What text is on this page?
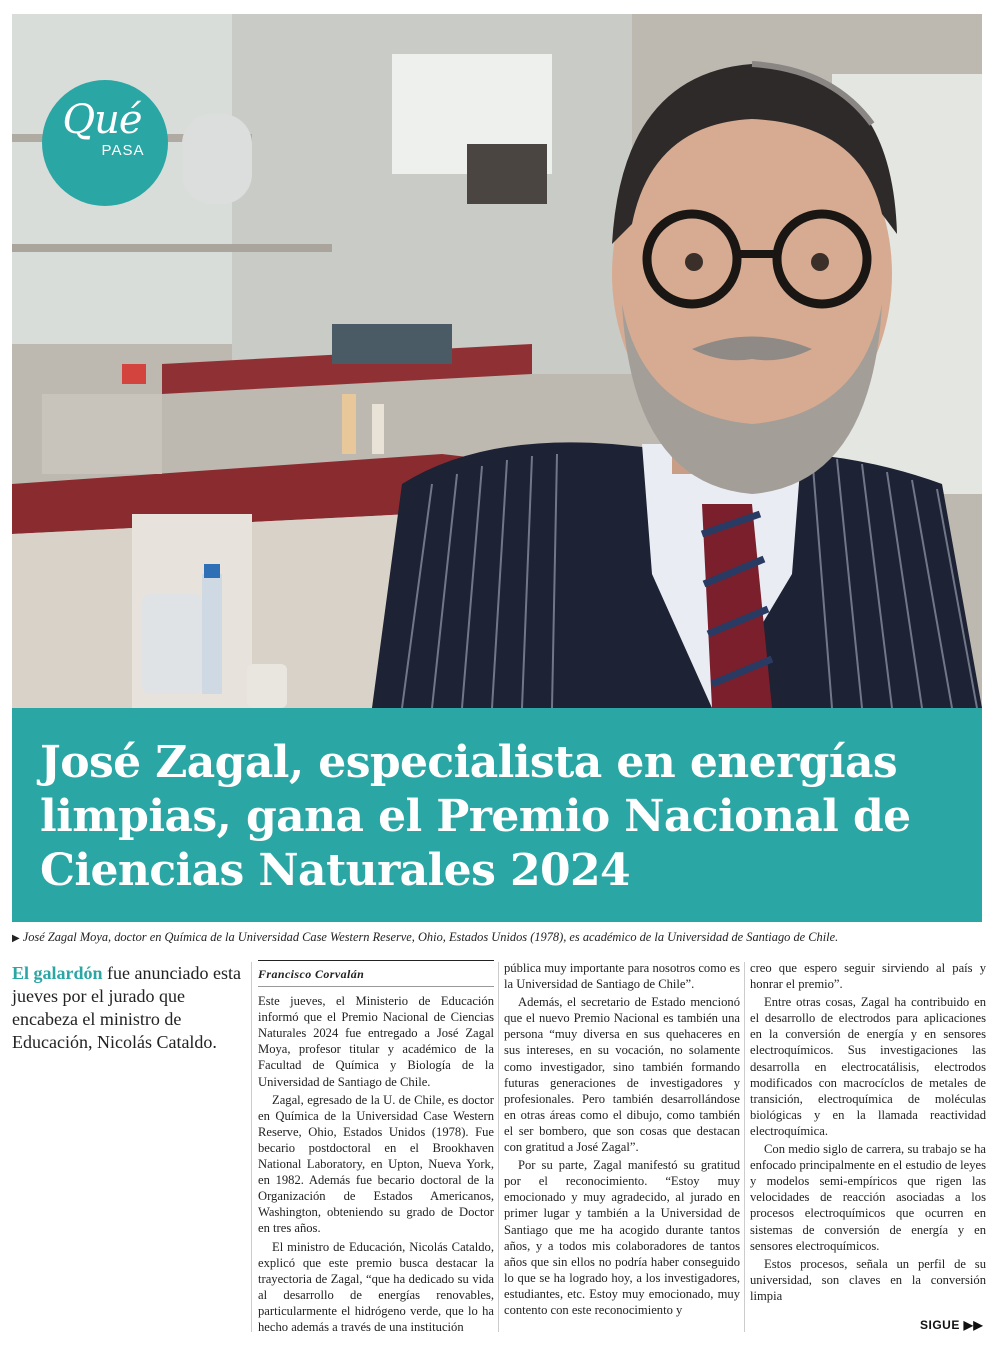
Qué
PASA
José Zagal, especialista en energías limpias, gana el Premio Nacional de Ciencias Naturales 2024
▶ José Zagal Moya, doctor en Química de la Universidad Case Western Reserve, Ohio, Estados Unidos (1978), es académico de la Universidad de Santiago de Chile.
El galardón fue anunciado esta jueves por el jurado que encabeza el ministro de Educación, Nicolás Cataldo.
Francisco Corvalán

Este jueves, el Ministerio de Educación informó que el Premio Nacional de Ciencias Naturales 2024 fue entregado a José Zagal Moya, profesor titular y académico de la Facultad de Química y Biología de la Universidad de Santiago de Chile.

Zagal, egresado de la U. de Chile, es doctor en Química de la Universidad Case Western Reserve, Ohio, Estados Unidos (1978). Fue becario postdoctoral en el Brookhaven National Laboratory, en Upton, Nueva York, en 1982. Además fue becario doctoral de la Organización de Estados Americanos, Washington, obteniendo su grado de Doctor en tres años.

El ministro de Educación, Nicolás Cataldo, explicó que este premio busca destacar la trayectoria de Zagal, “que ha dedicado su vida al desarrollo de energías renovables, particularmente el hidrógeno verde, que lo ha hecho además a través de una institución

pública muy importante para nosotros como es la Universidad de Santiago de Chile”.

Además, el secretario de Estado mencionó que el nuevo Premio Nacional es también una persona “muy diversa en sus quehaceres en sus intereses, en su vocación, no solamente como investigador, sino también formando futuras generaciones de investigadores y profesionales. Pero también desarrollándose en otras áreas como el dibujo, como también el ser bombero, que son cosas que destacan con gratitud a José Zagal”.

Por su parte, Zagal manifestó su gratitud por el reconocimiento. “Estoy muy emocionado y muy agradecido, al jurado en primer lugar y también a la Universidad de Santiago que me ha acogido durante tantos años, y a todos mis colaboradores de tantos años que sin ellos no podría haber conseguido lo que se ha logrado hoy, a los investigadores, estudiantes, etc. Estoy muy emocionado, muy contento con este reconocimiento y

creo que espero seguir sirviendo al país y honrar el premio”.

Entre otras cosas, Zagal ha contribuido en el desarrollo de electrodos para aplicaciones en la conversión de energía y en sensores electroquímicos. Sus investigaciones las desarrolla en electrocatálisis, electrodos modificados con macrocíclos de metales de transición, electroquímica de moléculas biológicas y en la llamada reactividad electroquímica.

Con medio siglo de carrera, su trabajo se ha enfocado principalmente en el estudio de leyes y modelos semi-empíricos que rigen las velocidades de reacción asociadas a los procesos electroquímicos que ocurren en sistemas de conversión de energía y en sensores electroquímicos.

Estos procesos, señala un perfil de su universidad, son claves en la conversión limpia

SIGUE ▶▶
